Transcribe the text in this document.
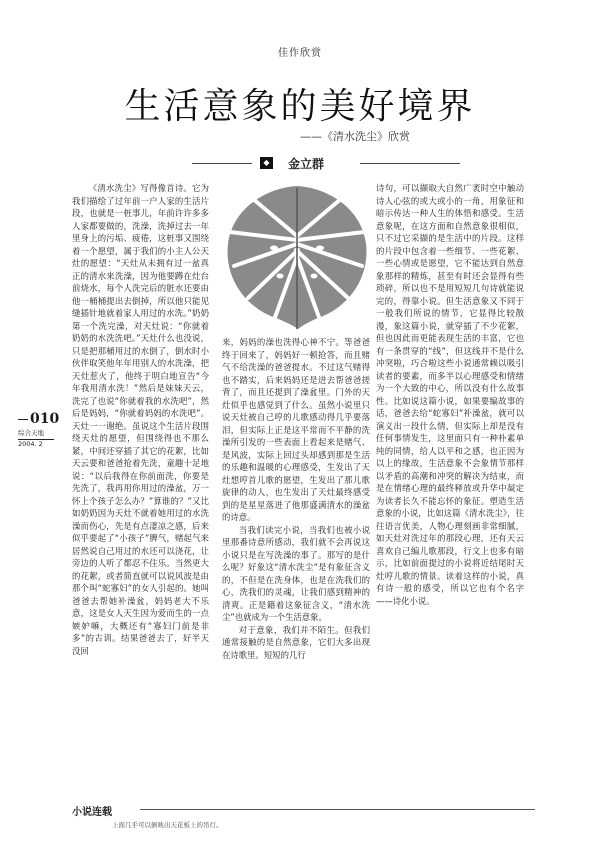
佳作欣赏
生活意象的美好境界
——《清水洗尘》欣赏
◆ 金立群
010
综合天地
2004. 2

《清水洗尘》写得像首诗。它为我们描绘了过年前一户人家的生活片段，也就是一桩事儿，年前许许多多人家都要做的，洗澡，洗掉过去一年里身上的污垢、疲倦，这桩事又围绕着一个愿望，属于我们的小主人公天灶的愿望：“天灶从未拥有过一盆真正的清水来洗澡，因为他要蹲在灶台前烧水，每个人洗完后的脏水还要由他一桶桶提出去倒掉，所以他只能见缝插针地就着家人用过的水洗。”奶奶第一个洗完澡，对天灶说：“你就着奶奶的水洗洗吧。”天灶什么也没说，只是把那桶用过的水倒了，倒水时小伙伴取笑他年年用别人的水洗澡，把天灶惹火了，他终于明白地宣告“今年我用清水洗！”然后是妹妹天云，洗完了也说“你就着我的水洗吧”，然后是妈妈，“你就着妈妈的水洗吧”。天灶一一谢绝。虽说这个生活片段围绕天灶的愿望，但围绕得也不那么紧，中间还穿插了其它的花絮，比如天云要和爸爸抢着先洗，童趣十足地说：“以后我得在你前面洗，你要是先洗了，我再用你用过的澡盆，万一怀上个孩子怎么办？”算谁的？”又比如奶奶因为天灶不就着她用过的水洗澡而伤心，先是有点凄凉之感，后来似乎要起了“小孩子”脾气，赌起气来居然说自己用过的水还可以浇花，让旁边的人听了都忍不住乐。当然更大的花絮，或者简直就可以说风波是由那个叫“蛇寡妇”的女人引起的。她叫爸爸去帮她补澡盆，妈妈老大不乐意，这是女人天生因为爱而生的一点嫉妒嘛，大概还有“寡妇门前是非多”的古训。结果爸爸去了，好半天没回

来，妈妈的澡也洗得心神不宁。等爸爸终于回来了，妈妈好一顿抢答，而且赌气不给洗澡的爸爸提水。不过这气赌得也不踏实，后来妈妈还是进去帮爸爸搓背了，而且还提到了澡盆里。门外的天灶似乎也感觉到了什么。虽然小说里只说天灶被自己哼的儿歌感动得几乎要落泪，但实际上正是这平常而不平静的洗澡所引发的一些表面上看起来是赌气、是风波，实际上回过头却感到那是生活的乐趣和温暖的心理感受，生发出了天灶想哼首儿歌的愿望，生发出了那儿歌旋律的动人，也生发出了天灶最终感受到的是星星落进了他那盛满清水的澡盆的诗意。

当我们读完小说，当我们也被小说里那番诗意所感动，我们就不会再说这小说只是在写洗澡的事了。那写的是什么呢？好象这“清水洗尘”是有象征含义的，不但是在洗身体，也是在洗我们的心，洗我们的灵魂，让我们感到精神的清爽。正是籍着这象征含义，“清水洗尘”也就成为一个生活意象。

对于意象，我们并不陌生。但我们通常接触的是自然意象，它们大多出现在诗歌里。短短的几行

诗句，可以撷取大自然广袤时空中触动诗人心弦的或大或小的一角，用象征和暗示传达一种人生的体悟和感受。生活意象呢，在这方面和自然意象很相似，只不过它采撷的是生活中的片段。这样的片段中包含着一些细节、一些花絮、一些心情或是愿望，它不能达到自然意象那样的精炼，甚至有时还会显得有些琐碎，所以也不是用短短几句诗就能说完的，得靠小说。但生活意象又不同于一般我们所说的情节，它显得比较散漫，象这篇小说，就穿插了不少花絮，但也因此而更能表现生活的丰富，它也有一条贯穿的“线”，但这线并不是什么冲突啦，巧合啦这些小说通常赖以吸引读者的要素，而多半以心理感受和情绪为一个大致的中心，所以没有什么故事性。比如说这篇小说，如果要编故事的话，爸爸去给“蛇寡妇”补澡盆，就可以演义出一段什么情，但实际上却是没有任何事情发生，这里面只有一种朴素单纯的同情，给人以平和之感，也正因为以上的缘故，生活意象不会象情节那样以矛盾的高潮和冲突的解决为结束，而是在情绪心理的最终释放或升华中凝定为读者长久不能忘怀的象征。塑造生活意象的小说，比如这篇《清水洗尘》，往往语言优美，人物心理刻画非常细腻，如天灶对洗过年的那段心理，还有天云喜欢自己编儿歌那段，行文上也多有暗示，比如前面提过的小说将近结尾时天灶哼儿歌的情景。读着这样的小说，真有诗一般的感受，所以它也有个名字——诗化小说。

小说连载
上面几乎可以倒映出天花板上的吊灯。
